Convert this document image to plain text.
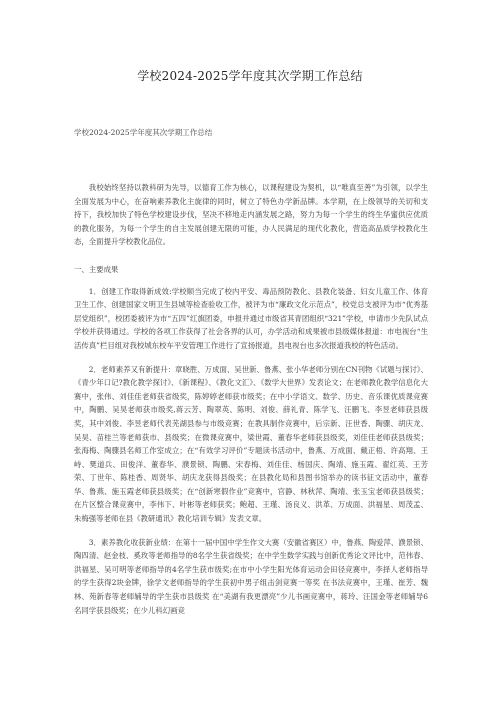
学校2024-2025学年度其次学期工作总结
学校2024-2025学年度其次学期工作总结

我校始终坚持以教科研为先导，以德育工作为核心，以课程建设为契机，以“唯真至善”为引领，以学生全面发展为中心，在奋响素养教化主旋律的同时，树立了特色办学新品牌。本学期，在上级领导的关切和支持下，我校加快了特色学校建设步伐，坚决不移地走内涵发展之路，努力为每一个学生的终生华蜜供应优质的教化服务，为每一个学生的自主发展创建无限的可能，办人民满足的现代化教化，营造高品质学校教化生态，全面提升学校教化品位。

一、主要成果

1．创建工作取得新成效:学校顺当完成了校内平安、毒品预防教化、县教化装备、妇女儿童工作、体育卫生工作、创建国家文明卫生县城等检查验收工作，被评为市“廉政文化示范点”，校党总支被评为市“优秀基层党组织”，校团委被评为市“五四”红旗团委，申报并通过市级省其青团组织“321”学校，申请市少先队试点学校并获得通过。学校的各项工作获得了社会各界的认可，办学活动和成果被市县级媒体报道：市电视台“生活传真”栏目组对我校城东校车平安管理工作进行了宣扬报道，县电视台也多次报道我校的特色活动。

2．老师素养又有新提升：章晓胜、万成面、吴世新、鲁燕、张小华老师分别在CN刊物《试题与探讨》、《青少年口记?教化教学探讨》、《新课程》、《教化文汇》、《数学大世界》发表论文；在老师教化教学信息化大赛中，张伟、刘佳佳老师获省级奖，陈婷婷老师获市级奖；在中小学语文、数学、历史、音乐课优质课竞赛中，陶鹏、吴昊老师获市级奖,蒋云芳、陶翠英、陈明、刘俊、薛礼青、陈学飞、汪鹏飞、李昱老师获县级奖，其中刘俊、李昱老师代表芜湖县参与市级竞赛；在教具制作竞赛中，后宗新、汪世香、陶骤、胡庆龙、吴昊、苗桂兰等老师获市、县级奖；在微课竞赛中，梁世霞、董春华老师获县级奖，刘佳佳老师获县级奖；张海梅、陶骤县名师工作室成立；在“有效学习评价”专题读书活动中，鲁燕、万成面、戴正梧、许高翔、王峙、樊道兵、田俊洋、董春华、濮景锁、陶鹏、宋春梅、刘佳佳、杨国庆、陶靖、施玉霞、翟红英、王芳荣、丁世年、陈桂香、周贤华、胡庆龙获得县级奖；在县教化局和县图书馆举办的读书征文活动中，董春华、鲁燕、施玉霞老师获县级奖；在“创新寒假作业”竞赛中，官静、林秋萍、陶靖、张玉宝老师获县级奖；在片区整合课竞赛中，李伟下、叶彬等老师获奖；鲍超、王瑾、汤良义、洪革、万成面、洪福星、周茂孟、朱梅强等老师在县《教研通讯》教化培训专辑》发表文章。

3．素养教化收获新业绩：在第十一届中国中学生作文大赛（安徽省赛区）中，鲁燕、陶爱萍、濮景锁、陶四清、赵金枝、奚玫等老师指导的8名学生获省级奖；在中学生数学实践与创新优秀论文评比中，范伟春、洪福星、吴可明等老师指导的4名学生获市级奖;在市中小学生阳光体育运动会田径竞赛中，李择人老师指导的学生获得2块金牌，徐学文老师指导的学生获初中男子组击剑竞赛一等奖 在书法竞赛中，王瑾、崔芳、魏林、苑新春等老师辅导的学生获市县级奖 在“美湖有我更漂亮”少儿书画竞赛中，蒋玲、汪国金等老师辅导6名同学获县级奖；在少儿科幻画竞
